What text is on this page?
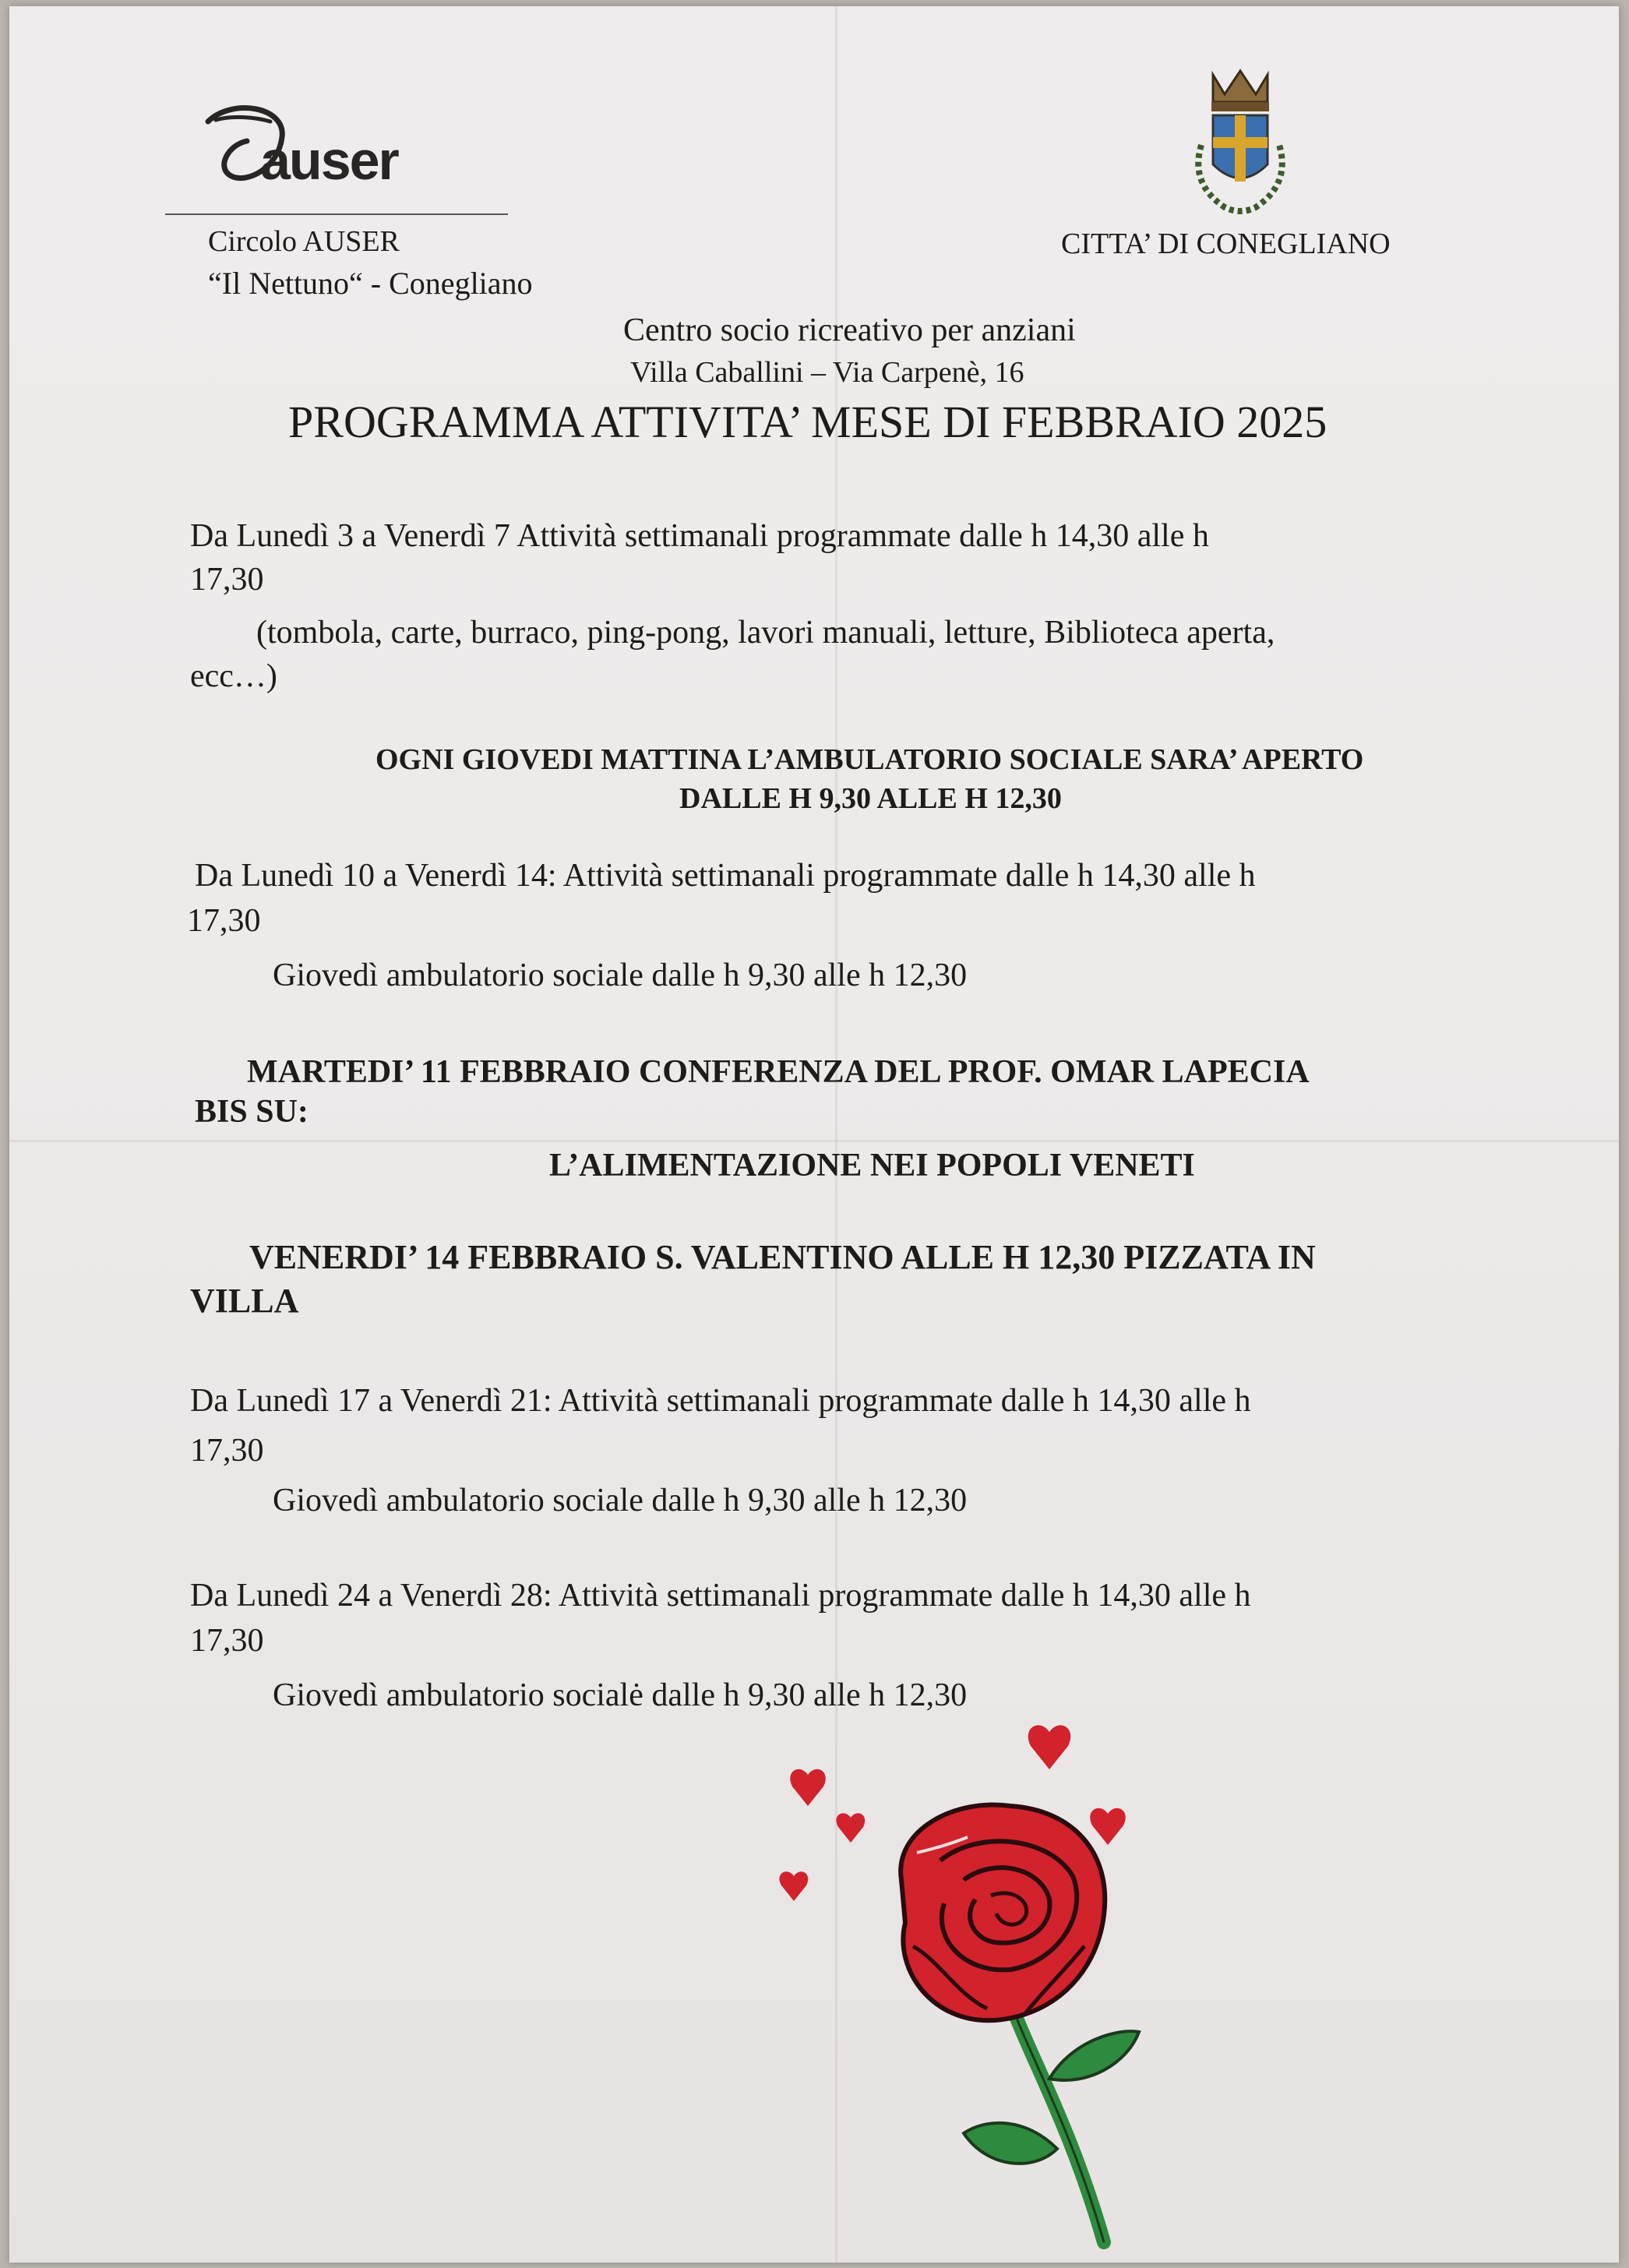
auser
Circolo AUSER
“Il Nettuno“ - Conegliano
CITTA’ DI CONEGLIANO
Centro socio ricreativo per anziani
Villa Caballini – Via Carpenè, 16
PROGRAMMA ATTIVITA’ MESE DI FEBBRAIO 2025
Da Lunedì 3 a Venerdì 7 Attività settimanali programmate dalle h 14,30 alle h
17,30
(tombola, carte, burraco, ping-pong, lavori manuali, letture, Biblioteca aperta,
ecc…)
OGNI GIOVEDI MATTINA L’AMBULATORIO SOCIALE SARA’ APERTO
DALLE H 9,30 ALLE H 12,30
Da Lunedì 10 a Venerdì 14: Attività settimanali programmate dalle h 14,30 alle h
17,30
Giovedì ambulatorio sociale dalle h 9,30 alle h 12,30
MARTEDI’ 11 FEBBRAIO CONFERENZA DEL PROF. OMAR LAPECIA
BIS SU:
L’ALIMENTAZIONE NEI POPOLI VENETI
VENERDI’ 14 FEBBRAIO S. VALENTINO ALLE H 12,30 PIZZATA IN
VILLA
Da Lunedì 17 a Venerdì 21: Attività settimanali programmate dalle h 14,30 alle h
17,30
Giovedì ambulatorio sociale dalle h 9,30 alle h 12,30
Da Lunedì 24 a Venerdì 28: Attività settimanali programmate dalle h 14,30 alle h
17,30
Giovedì ambulatorio socialė dalle h 9,30 alle h 12,30
